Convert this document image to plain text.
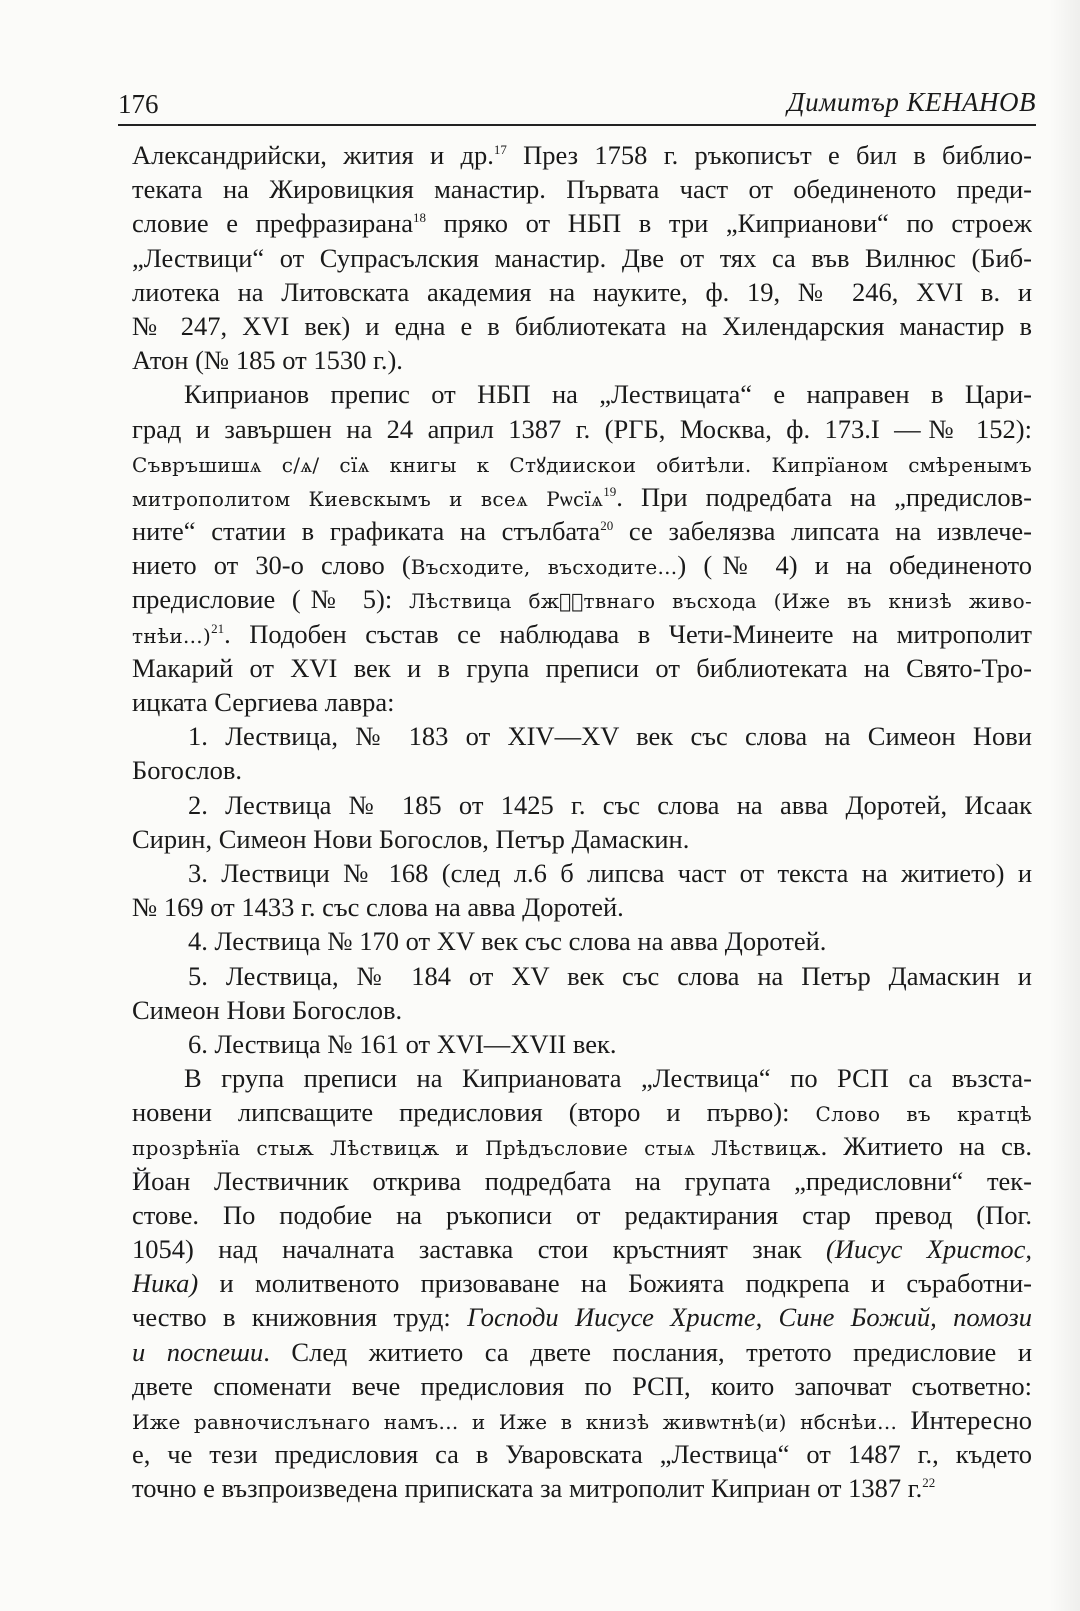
176	Димитър КЕНАНОВ
Александрийски, жития и др.$^{17}$ През 1758 г. ръкописът е бил в библио-
теката на Жировицкия манастир. Първата част от обединеното преди-
словие е префразирана$^{18}$ пряко от НБП в три „Киприанови“ по строеж
„Лествици“ от Супрасълския манастир. Две от тях са във Вилнюс (Биб-
лиотека на Литовската академия на науките, ф. 19, № 246, XVI в. и
№ 247, XVI век) и една е в библиотеката на Хилендарския манастир в
Атон (№ 185 от 1530 г.).
Киприанов препис от НБП на „Лествицата“ е направен в Цари-
град и завършен на 24 април 1387 г. (РГБ, Москва, ф. 173.I —№ 152):
Съвръшишѧ с/ѧ/ сїѧ книгы к Стꙋдиискои обитѣли. Кипрїаном смѣренымъ
митрополитом Киевскымъ и всеѧ Рѡсїѧ$^{19}$. При подредбата на „предислов-
ните“ статии в графиката на стълбата$^{20}$ се забелязва липсата на извлече-
нието от 30-о слово (Въсходите, въсходите...) (№ 4) и на обединеното
предисловие (№ 5): Лѣствица бжⷭ҇твнаго въсхода (Иже въ книзѣ живо-
тнѣи...)$^{21}$. Подобен състав се наблюдава в Чети-Минеите на митрополит
Макарий от XVI век и в група преписи от библиотеката на Свято-Тро-
ицката Сергиева лавра:
1. Лествица, № 183 от XIV—XV век със слова на Симеон Нови
Богослов.
2. Лествица № 185 от 1425 г. със слова на авва Доротей, Исаак
Сирин, Симеон Нови Богослов, Петър Дамаскин.
3. Лествици № 168 (след л.6 б липсва част от текста на житието) и
№ 169 от 1433 г. със слова на авва Доротей.
4. Лествица № 170 от XV век със слова на авва Доротей.
5. Лествица, № 184 от XV век със слова на Петър Дамаскин и
Симеон Нови Богослов.
6. Лествица № 161 от XVI—XVII век.
В група преписи на Киприановата „Лествица“ по РСП са възста-
новени липсващите предисловия (второ и първо): Слово въ кратцѣ
прозрѣнїа стыѫ Лѣствицѫ и Прѣдъсловие стыѧ Лѣствицѫ. Житието на св.
Йоан Лествичник открива подредбата на групата „предисловни“ тек-
стове. По подобие на ръкописи от редактирания стар превод (Пог.
1054) над началната заставка стои кръстният знак (Иисус Христос,
Ника) и молитвеното призоваване на Божията подкрепа и съработни-
чество в книжовния труд: Господи Иисусе Христе, Сине Божий, помози
и поспеши. След житието са двете послания, третото предисловие и
двете споменати вече предисловия по РСП, които започват съответно:
Иже равночислънаго намъ... и Иже в книзѣ живѡтнѣ(и) нбснѣи... Интересно
е, че тези предисловия са в Уваровската „Лествица“ от 1487 г., където
точно е възпроизведена приписката за митрополит Киприан от 1387 г.$^{22}$
